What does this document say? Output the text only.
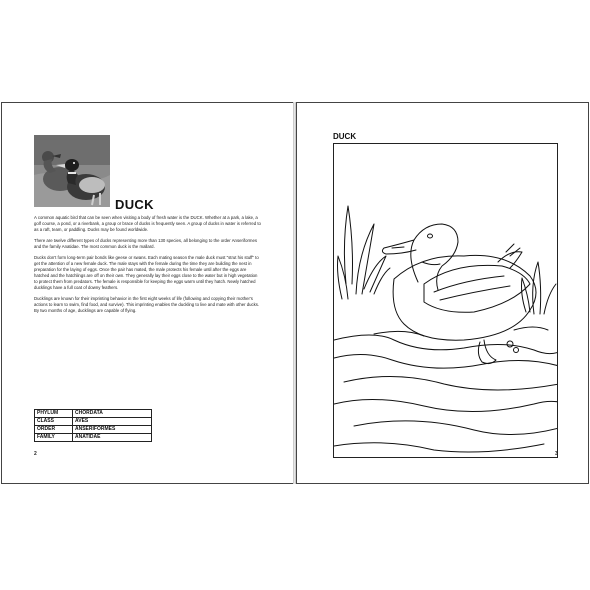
DUCK

A common aquatic bird that can be seen when visiting a body of fresh water is the DUCK. Whether at a park, a lake, a golf course, a pond, or a riverbank, a group or brace of ducks is frequently seen. A group of ducks in water is referred to as a raft, team, or paddling. Ducks may be found worldwide.

There are twelve different types of ducks representing more than 130 species, all belonging to the order Anseriformes and the family Anatidae. The most common duck is the mallard.

Ducks don't form long-term pair bonds like geese or swans. Each mating season the male duck must "strut his stuff" to get the attention of a new female duck. The male stays with the female during the time they are building the nest in preparation for the laying of eggs. Once the pair has mated, the male protects his female until after the eggs are hatched and the hatchlings are off on their own. They generally lay their eggs close to the water but in high vegetation to protect them from predators. The female is responsible for keeping the eggs warm until they hatch. Newly hatched ducklings have a full coat of downy feathers.

Ducklings are known for their imprinting behavior in the first eight weeks of life (following and copying their mother's actions to learn to swim, find food, and survive). This imprinting enables the duckling to live and mate with other ducks. By two months of age, ducklings are capable of flying.

PHYLUM	CHORDATA
CLASS	AVES
ORDER	ANSERIFORMES
FAMILY	ANATIDAE
2
DUCK
3
